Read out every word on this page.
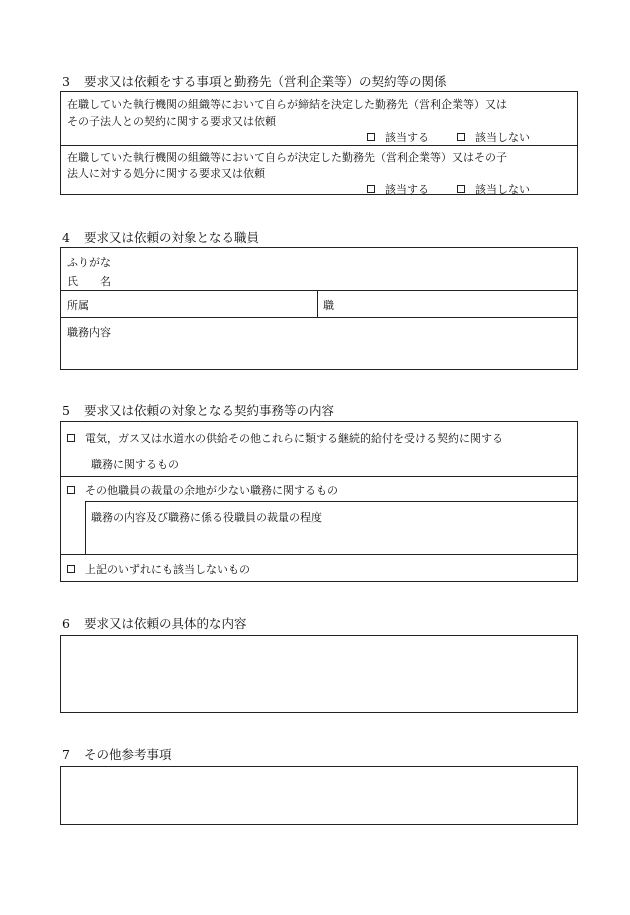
3 要求又は依頼をする事項と勤務先（営利企業等）の契約等の関係
在職していた執行機関の組織等において自らが締結を決定した勤務先（営利企業等）又は
その子法人との契約に関する要求又は依頼
該当する	該当しない
在職していた執行機関の組織等において自らが決定した勤務先（営利企業等）又はその子
法人に対する処分に関する要求又は依頼
該当する	該当しない
4 要求又は依頼の対象となる職員
ふりがな
氏　　名
所属	職
職務内容
5 要求又は依頼の対象となる契約事務等の内容
電気，ガス又は水道水の供給その他これらに類する継続的給付を受ける契約に関する
職務に関するもの
その他職員の裁量の余地が少ない職務に関するもの
職務の内容及び職務に係る役職員の裁量の程度
上記のいずれにも該当しないもの
6 要求又は依頼の具体的な内容
7 その他参考事項
